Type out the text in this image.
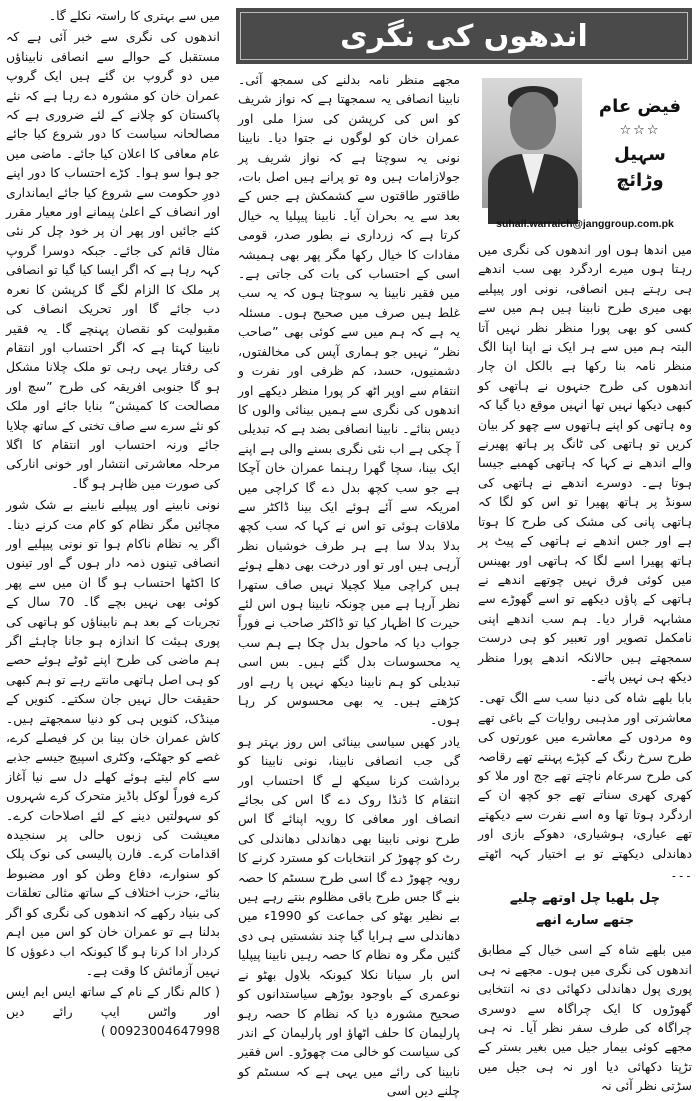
میں سے بہتری کا راستہ نکلے گا۔

اندھوں کی نگری سے خبر آئی ہے کہ مستقبل کے حوالے سے انصافی نابیناؤں میں دو گروپ بن گئے ہیں ایک گروپ عمران خان کو مشورہ دے رہا ہے کہ نئے پاکستان کو چلانے کے لئے ضروری ہے کہ مصالحانہ سیاست کا دور شروع کیا جائے عام معافی کا اعلان کیا جائے۔ ماضی میں جو ہوا سو ہوا۔ کڑے احتساب کا دور اپنے دورِ حکومت سے شروع کیا جائے ایمانداری اور انصاف کے اعلیٰ پیمانے اور معیار مقرر کئے جائیں اور پھر ان پر خود چل کر نئی مثال قائم کی جائے۔ جبکہ دوسرا گروپ کہہ رہا ہے کہ اگر ایسا کیا گیا تو انصافی پر ملک کا الزام لگے گا کرپشن کا نعرہ دب جائے گا اور تحریک انصاف کی مقبولیت کو نقصان پہنچے گا۔ یہ فقیر نابینا کہتا ہے کہ اگر احتساب اور انتقام کی رفتار یہی رہی تو ملک چلانا مشکل ہو گا جنوبی افریقہ کی طرح ”سچ اور مصالحت کا کمیشن“ بنایا جائے اور ملک کو نئے سرے سے صاف تختی کے ساتھ چلایا جائے ورنہ احتساب اور انتقام کا اگلا مرحلہ معاشرتی انتشار اور خونی انارکی کی صورت میں ظاہر ہو گا۔

نونی نابینے اور پیپلیے نابینے بے شک شور مچائیں مگر نظام کو کام مت کرنے دینا۔ اگر یہ نظام ناکام ہوا تو نونی پیپلیے اور انصافی تینوں ذمہ دار ہوں گے اور تینوں کا اکٹھا احتساب ہو گا ان میں سے پھر کوئی بھی نہیں بچے گا۔ 70 سال کے تجربات کے بعد ہم نابیناؤں کو ہاتھی کی پوری ہیئت کا اندازہ ہو جانا چاہئے اگر ہم ماضی کی طرح اپنے ٹوٹے ہوئے حصے کو ہی اصل ہاتھی مانتے رہے تو ہم کبھی حقیقت حال نہیں جان سکتے۔ کنویں کے مینڈک، کنویں ہی کو دنیا سمجھتے ہیں۔ کاش عمران خان بینا بن کر فیصلے کرے، غصے کو جھٹکے، وکٹری اسپیچ جیسے جذبے سے کام لیتے ہوئے کھلے دل سے نیا آغاز کرے فوراً لوکل باڈیز متحرک کرے شہروں کو سہولتیں دینے کے لئے اصلاحات کرے۔ معیشت کی زبوں حالی پر سنجیدہ اقدامات کرے۔ فارن پالیسی کی نوک پلک کو سنوارے، دفاع وطن کو اور مضبوط بنائے، حزب اختلاف کے ساتھ مثالی تعلقات کی بنیاد رکھے کہ اندھوں کی نگری کو اگر بدلنا ہے تو عمران خان کو اس میں اہم کردار ادا کرنا ہو گا کیونکہ اب دعوؤں کا نہیں آزمائش کا وقت ہے۔

( کالم نگار کے نام کے ساتھ ایس ایم ایس اور واٹس ایپ رائے دیں 00923004647998 )

اندھوں کی نگری

مجھے منظر نامہ بدلنے کی سمجھ آئی۔ نابینا انصافی یہ سمجھتا ہے کہ نواز شریف کو اس کی کرپشن کی سزا ملی اور عمران خان کو لوگوں نے جتوا دیا۔ نابینا نونی یہ سوچتا ہے کہ نواز شریف پر جولازامات ہیں وہ تو پرانے ہیں اصل بات، طاقتور طاقتوں سے کشمکش ہے جس کے بعد سے یہ بحران آیا۔ نابینا پیپلیا یہ خیال کرتا ہے کہ زرداری نے بطور صدر، قومی مفادات کا خیال رکھا مگر پھر بھی ہمیشہ اسی کے احتساب کی بات کی جاتی ہے۔ میں فقیر نابینا یہ سوچتا ہوں کہ یہ سب غلط ہیں صرف میں صحیح ہوں۔ مسئلہ یہ ہے کہ ہم میں سے کوئی بھی ”صاحب نظر“ نہیں جو ہماری آپس کی مخالفتوں، دشمنیوں، حسد، کم ظرفی اور نفرت و انتقام سے اوپر اٹھ کر پورا منظر دیکھے اور اندھوں کی نگری سے ہمیں بینائی والوں کا دیس بنائے۔ نابینا انصافی بضد ہے کہ تبدیلی آ چکی ہے اب نئی نگری بسنے والی ہے اپنے ایک بینا، سچا گھرا رہنما عمران خان آچکا ہے جو سب کچھ بدل دے گا کراچی میں امریکہ سے آئے ہوئے ایک بینا ڈاکٹر سے ملاقات ہوئی تو اس نے کہا کہ سب کچھ بدلا بدلا سا ہے ہر طرف خوشیاں نظر آرہی ہیں اور تو اور درخت بھی دھلے ہوئے ہیں کراچی میلا کچیلا نہیں صاف ستھرا نظر آرہا ہے میں چونکہ نابینا ہوں اس لئے حیرت کا اظہار کیا تو ڈاکٹر صاحب نے فوراً جواب دیا کہ ماحول بدل چکا ہے ہم سب یہ محسوسات بدل گئے ہیں۔ بس اسی تبدیلی کو ہم نابینا دیکھ نہیں پا رہے اور کڑھتے ہیں۔ یہ بھی محسوس کر رہا ہوں۔

یادر کھیں سیاسی بینائی اس روز بہتر ہو گی جب انصافی نابینا، نونی نابینا کو برداشت کرنا سیکھ لے گا احتساب اور انتقام کا ڈنڈا روک دے گا اس کی بجائے انصاف اور معافی کا رویہ اپنائے گا اس طرح نونی نابینا بھی دھاندلی دھاندلی کی رٹ کو چھوڑ کر انتخابات کو مسترد کرنے کا رویہ چھوڑ دے گا اسی طرح سسٹم کا حصہ بنے گا جس طرح باقی مظلوم بنتے رہے ہیں بے نظیر بھٹو کی جماعت کو 1990ء میں دھاندلی سے ہرایا گیا چند نشستیں ہی دی گئیں مگر وہ نظام کا حصہ رہیں نابینا پیپلیا اس بار سیانا نکلا کیونکہ بلاول بھٹو نے نوعمری کے باوجود بوڑھے سیاستدانوں کو صحیح مشورہ دیا کہ نظام کا حصہ رہو پارلیمان کا حلف اٹھاؤ اور پارلیمان کے اندر کی سیاست کو خالی مت چھوڑو۔ اس فقیر نابینا کی رائے میں یہی ہے کہ سسٹم کو چلنے دیں اسی

فیض عام
☆☆☆
سہیل وڑائچ
suhail.warraich@janggroup.com.pk

میں اندھا ہوں اور اندھوں کی نگری میں رہتا ہوں میرے اردگرد بھی سب اندھے ہی رہتے ہیں انصافی، نونی اور پیپلیے بھی میری طرح نابینا ہیں ہم میں سے کسی کو بھی پورا منظر نظر نہیں آتا البتہ ہم میں سے ہر ایک نے اپنا اپنا الگ منظر نامہ بنا رکھا ہے بالکل ان چار اندھوں کی طرح جنہوں نے ہاتھی کو کبھی دیکھا نہیں تھا انہیں موقع دیا گیا کہ وہ ہاتھی کو اپنے ہاتھوں سے چھو کر بیان کریں تو ہاتھی کی ٹانگ پر ہاتھ پھیرنے والے اندھے نے کہا کہ ہاتھی کھمبے جیسا ہوتا ہے۔ دوسرے اندھے نے ہاتھی کی سونڈ پر ہاتھ پھیرا تو اس کو لگا کہ ہاتھی پانی کی مشک کی طرح کا ہوتا ہے اور جس اندھے نے ہاتھی کے پیٹ پر ہاتھ پھیرا اسے لگا کہ ہاتھی اور بھینس میں کوئی فرق نہیں چوتھے اندھے نے ہاتھی کے پاؤں دیکھے تو اسے گھوڑے سے مشابہہ قرار دیا۔ ہم سب اندھے اپنی نامکمل تصویر اور تعبیر کو ہی درست سمجھتے ہیں حالانکہ اندھے پورا منظر دیکھ ہی نہیں پاتے۔

بابا بلھے شاہ کی دنیا سب سے الگ تھی۔ معاشرتی اور مذہبی روایات کے باغی تھے وہ مردوں کے معاشرے میں عورتوں کی طرح سرخ رنگ کے کپڑے پہنتے تھے رقاصہ کی طرح سرعام ناچتے تھے جج اور ملا کو کھری کھری سناتے تھے جو کچھ ان کے اردگرد ہوتا تھا وہ اسے نفرت سے دیکھتے تھے عیاری، ہوشیاری، دھوکے بازی اور دھاندلی دیکھتے تو بے اختیار کہہ اٹھتے ۔۔۔

چل بلھیا چل اوتھے چلیے
جتھے سارے انھے

میں بلھے شاہ کے اسی خیال کے مطابق اندھوں کی نگری میں ہوں۔ مجھے نہ ہی پوری پول دھاندلی دکھائی دی نہ انتخابی گھوڑوں کا ایک چراگاہ سے دوسری چراگاہ کی طرف سفر نظر آیا۔ نہ ہی مجھے کوئی بیمار جیل میں بغیر بستر کے تڑپتا دکھائی دیا اور نہ ہی جیل میں سڑتی نظر آئی نہ
